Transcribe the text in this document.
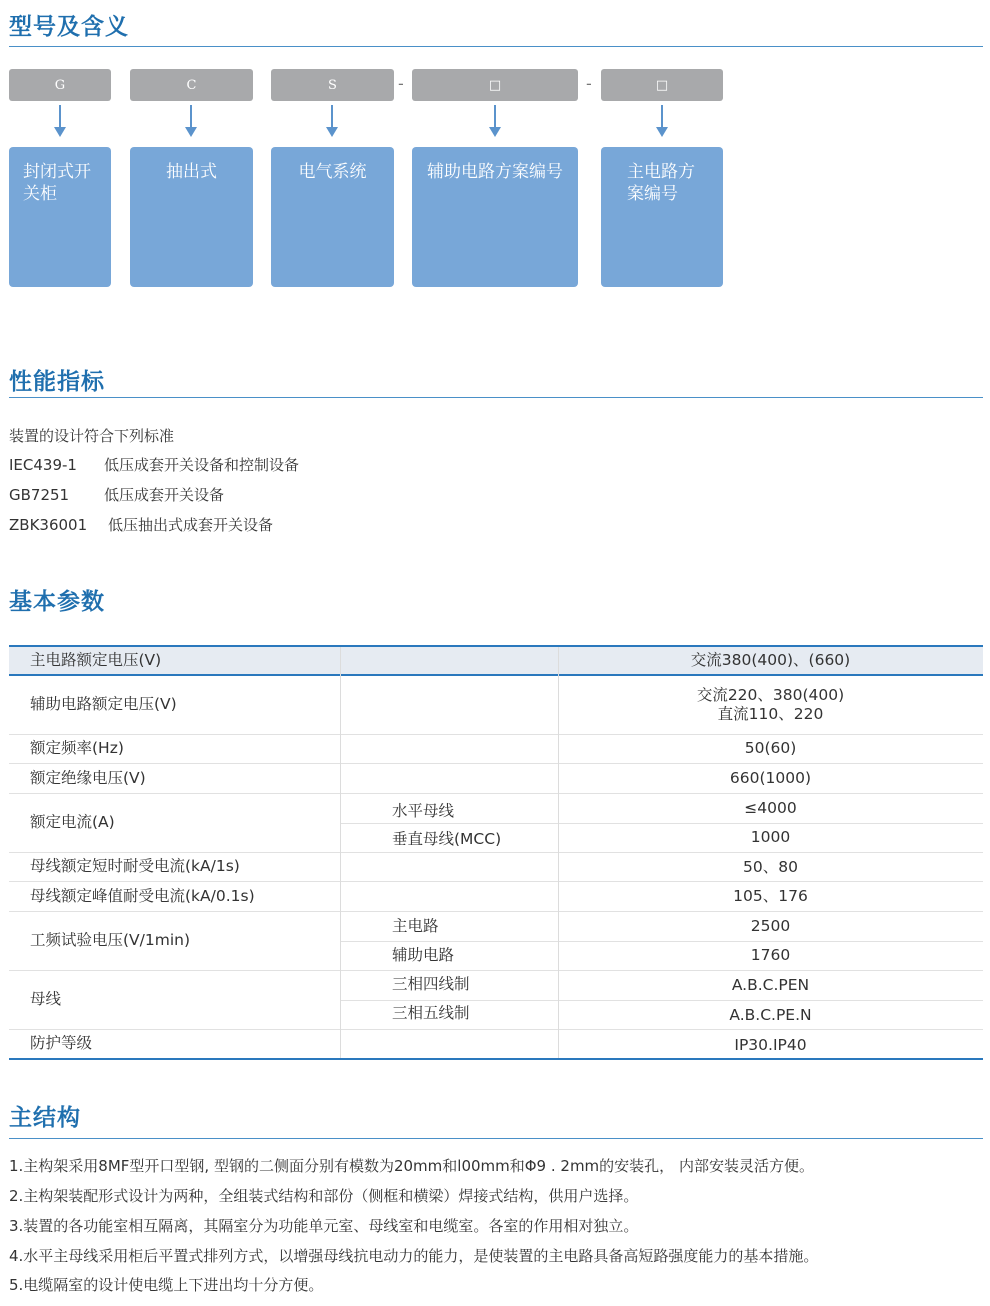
型号及含义
G	C	S	-	□	-	□
封闭式开关柜
抽出式	电气系统	辅助电路方案编号	主电路方案编号
性能指标
装置的设计符合下列标准
IEC439-1 低压成套开关设备和控制设备
GB7251 低压成套开关设备
ZBK36001 低压抽出式成套开关设备
基本参数
主电路额定电压(V)	交流380(400)、(660)
辅助电路额定电压(V)	交流220、380(400)
直流110、220
额定频率(Hz)	50(60)
额定绝缘电压(V)	660(1000)
额定电流(A)
水平母线	≤4000
垂直母线(MCC)	1000
母线额定短时耐受电流(kA/1s)	50、80
母线额定峰值耐受电流(kA/0.1s)	105、176
工频试验电压(V/1min)
主电路	2500
辅助电路	1760
母线
三相四线制	A.B.C.PEN
三相五线制	A.B.C.PE.N
防护等级	IP30.IP40
主结构
1.主构架采用8MF型开口型钢, 型钢的二侧面分别有模数为20mm和l00mm和Φ9 . 2mm的安装孔， 内部安装灵活方便。
2.主构架装配形式设计为两种，全组装式结构和部份（侧框和横梁）焊接式结构，供用户选择。
3.装置的各功能室相互隔离，其隔室分为功能单元室、母线室和电缆室。各室的作用相对独立。
4.水平主母线采用柜后平置式排列方式，以增强母线抗电动力的能力，是使装置的主电路具备高短路强度能力的基本措施。
5.电缆隔室的设计使电缆上下进出均十分方便。
